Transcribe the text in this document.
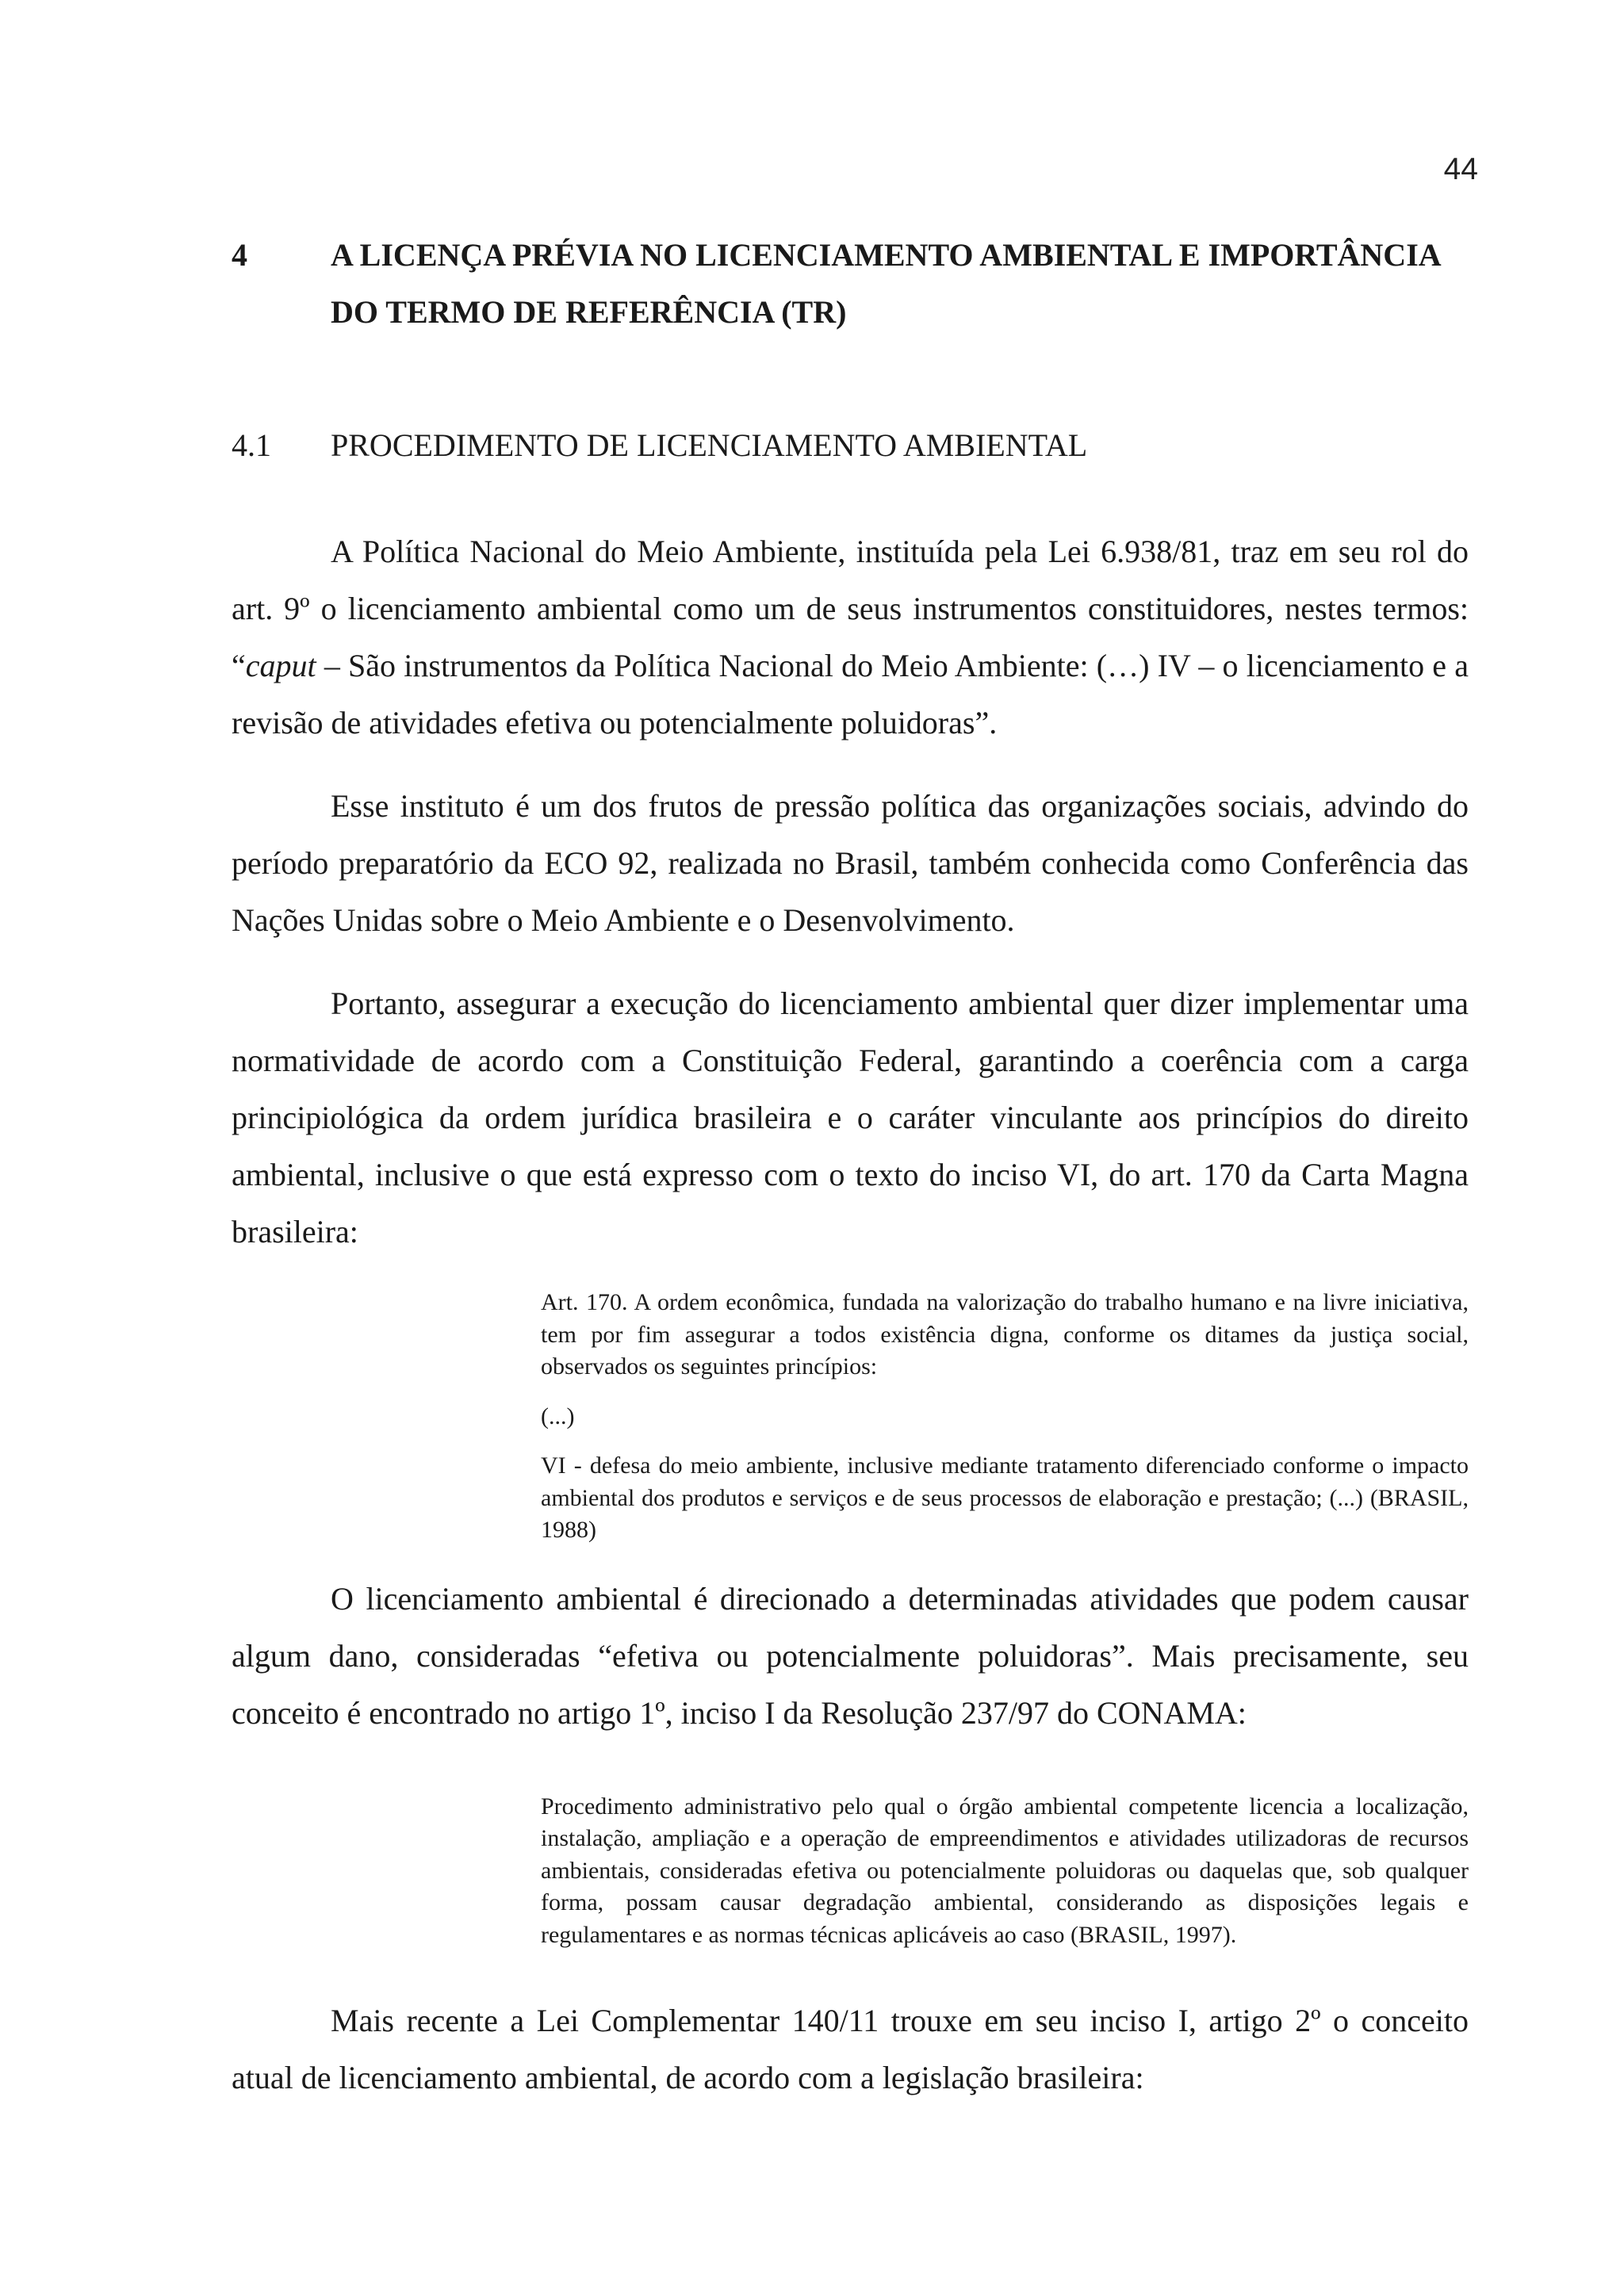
44
4	A LICENÇA PRÉVIA NO LICENCIAMENTO AMBIENTAL E IMPORTÂNCIA DO TERMO DE REFERÊNCIA (TR)
4.1	PROCEDIMENTO DE LICENCIAMENTO AMBIENTAL

A Política Nacional do Meio Ambiente, instituída pela Lei 6.938/81, traz em seu rol do art. 9º o licenciamento ambiental como um de seus instrumentos constituidores, nestes termos: “caput – São instrumentos da Política Nacional do Meio Ambiente: (…) IV – o licenciamento e a revisão de atividades efetiva ou potencialmente poluidoras”.

Esse instituto é um dos frutos de pressão política das organizações sociais, advindo do período preparatório da ECO 92, realizada no Brasil, também conhecida como Conferência das Nações Unidas sobre o Meio Ambiente e o Desenvolvimento.

Portanto, assegurar a execução do licenciamento ambiental quer dizer implementar uma normatividade de acordo com a Constituição Federal, garantindo a coerência com a carga principiológica da ordem jurídica brasileira e o caráter vinculante aos princípios do direito ambiental, inclusive o que está expresso com o texto do inciso VI, do art. 170 da Carta Magna brasileira:

Art. 170. A ordem econômica, fundada na valorização do trabalho humano e na livre iniciativa, tem por fim assegurar a todos existência digna, conforme os ditames da justiça social, observados os seguintes princípios:

(...)

VI - defesa do meio ambiente, inclusive mediante tratamento diferenciado conforme o impacto ambiental dos produtos e serviços e de seus processos de elaboração e prestação; (...) (BRASIL, 1988)

O licenciamento ambiental é direcionado a determinadas atividades que podem causar algum dano, consideradas “efetiva ou potencialmente poluidoras”. Mais precisamente, seu conceito é encontrado no artigo 1º, inciso I da Resolução 237/97 do CONAMA:

Procedimento administrativo pelo qual o órgão ambiental competente licencia a localização, instalação, ampliação e a operação de empreendimentos e atividades utilizadoras de recursos ambientais, consideradas efetiva ou potencialmente poluidoras ou daquelas que, sob qualquer forma, possam causar degradação ambiental, considerando as disposições legais e regulamentares e as normas técnicas aplicáveis ao caso (BRASIL, 1997).

Mais recente a Lei Complementar 140/11 trouxe em seu inciso I, artigo 2º o conceito atual de licenciamento ambiental, de acordo com a legislação brasileira:
